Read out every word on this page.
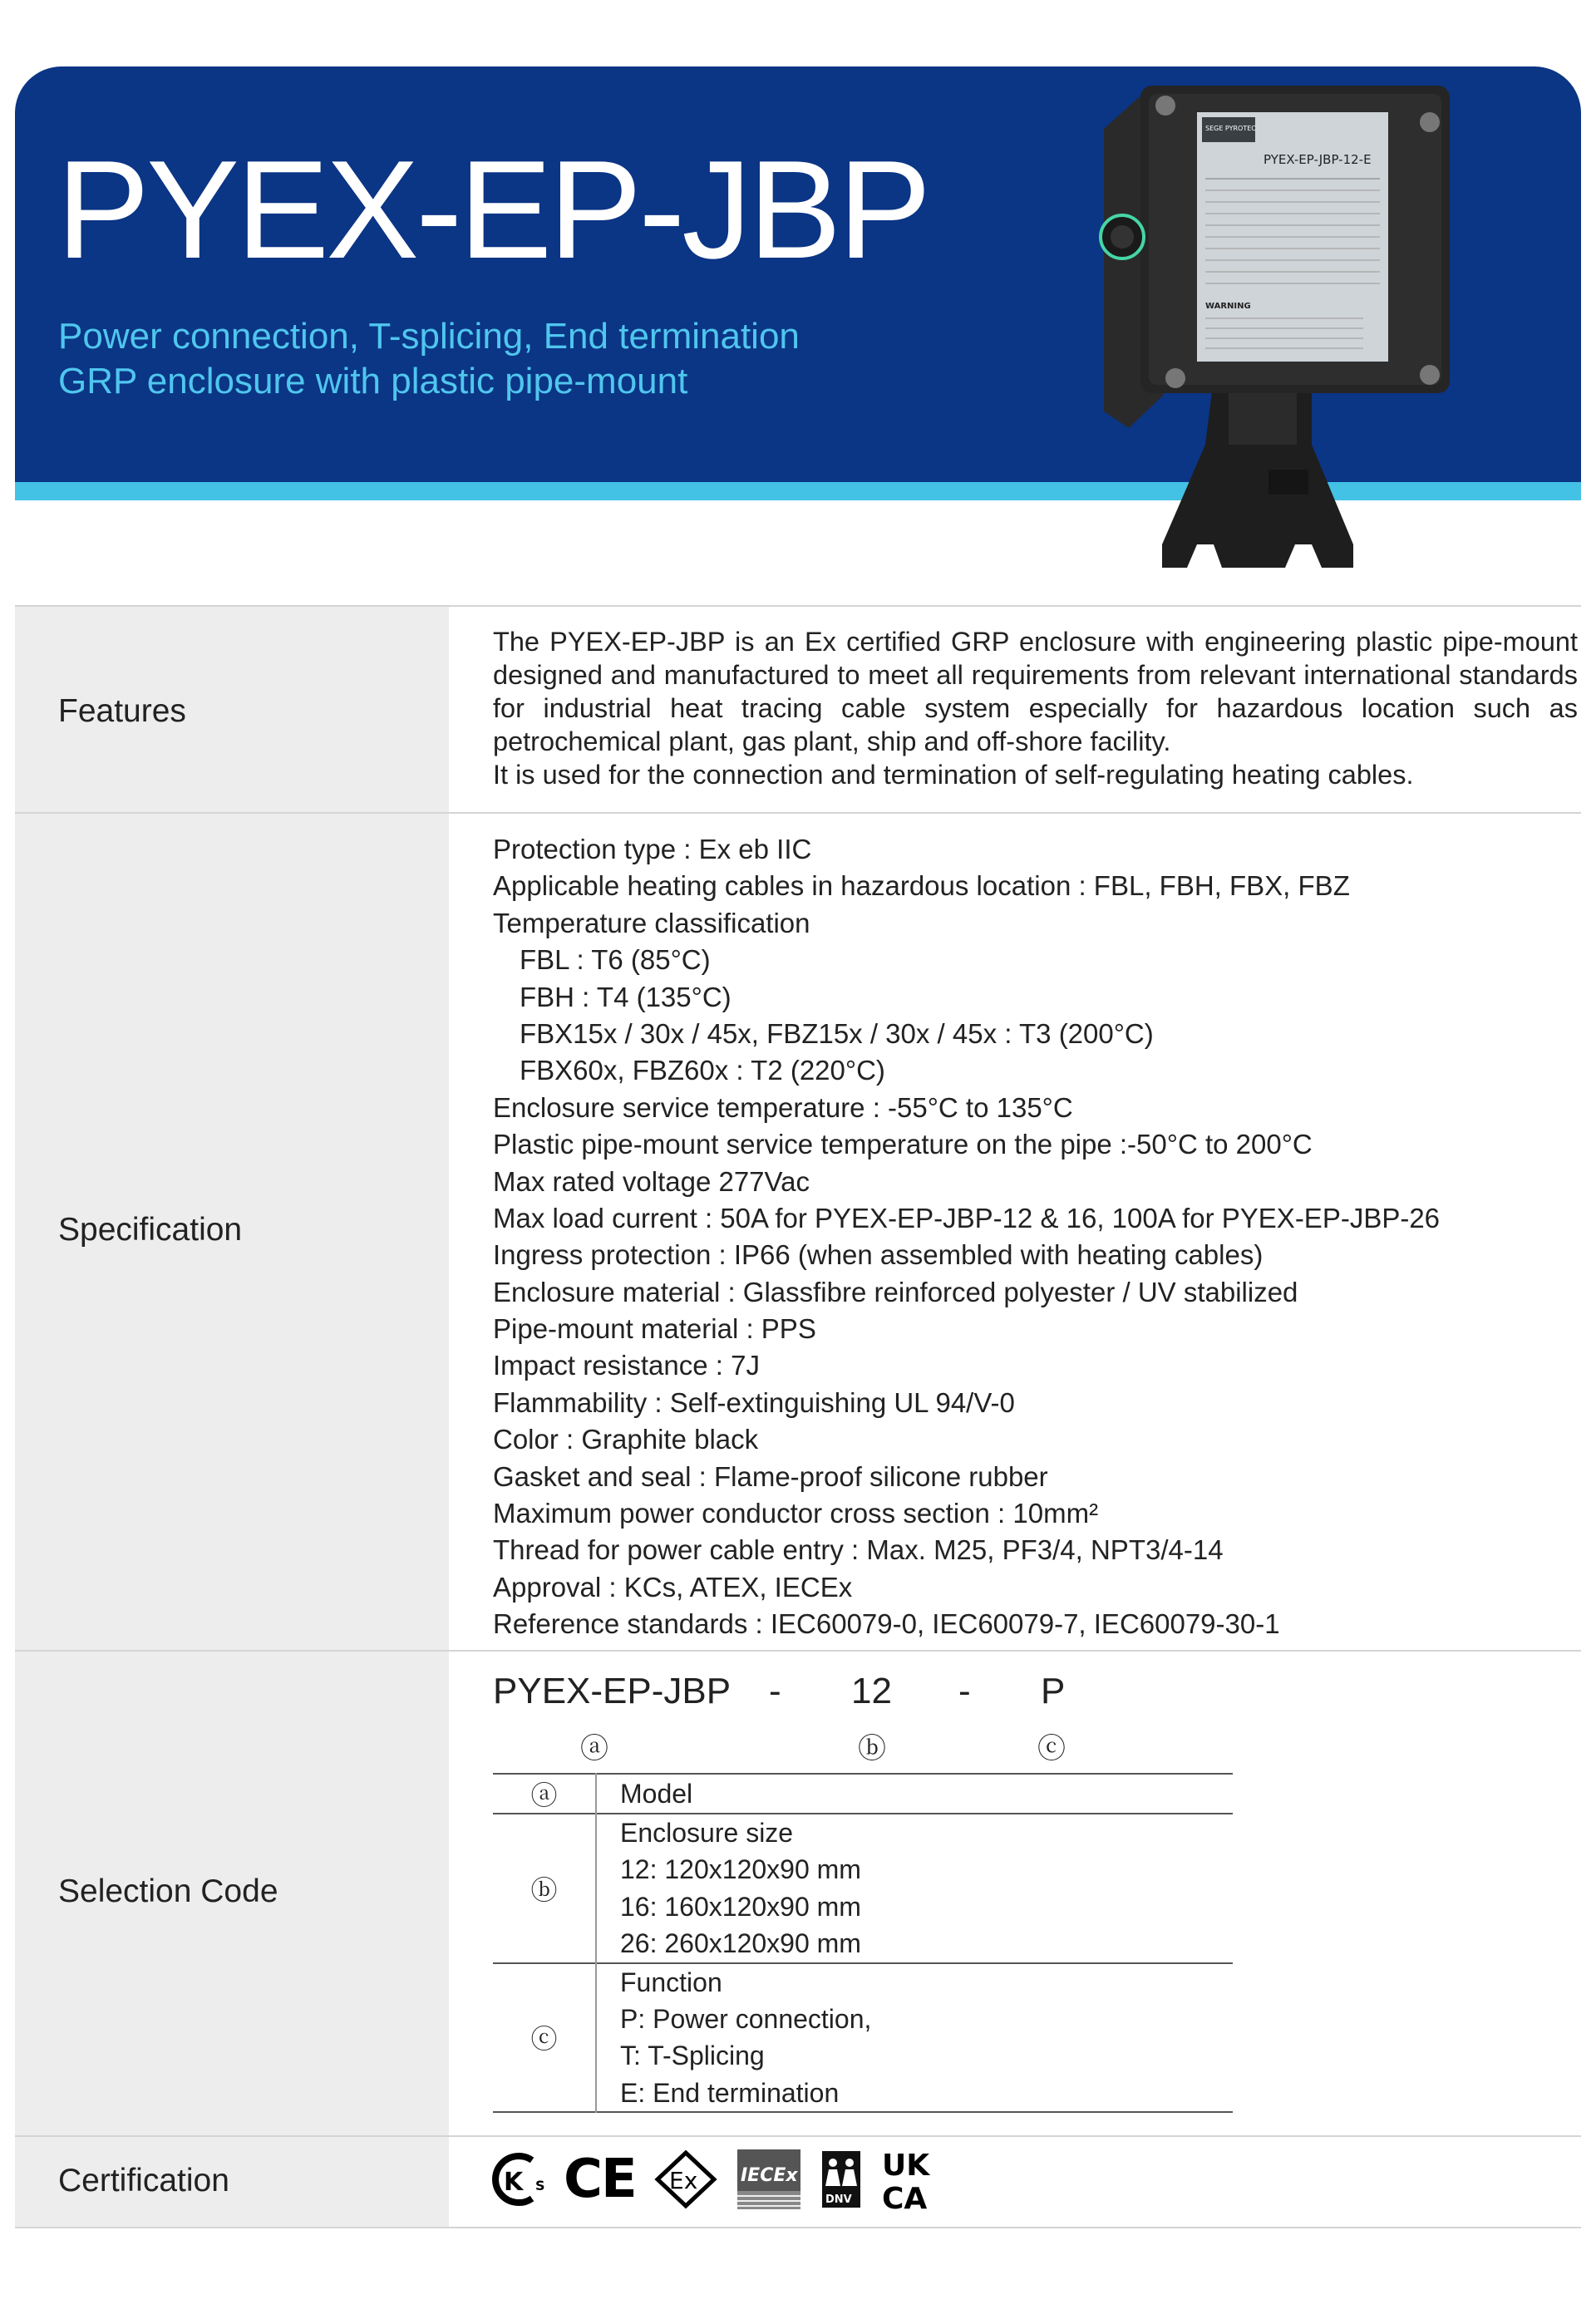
PYEX-EP-JBP
Power connection, T-splicing, End termination
GRP enclosure with plastic pipe-mount
SEGE PYROTEC
PYEX-EP-JBP-12-E
WARNING
Features

The PYEX-EP-JBP is an Ex certified GRP enclosure with engineering plastic pipe-mount designed and manufactured to meet all requirements from relevant international standards for industrial heat tracing cable system especially for hazardous location such as petrochemical plant, gas plant, ship and off-shore facility.

It is used for the connection and termination of self-regulating heating cables.

Specification
Protection type : Ex eb IIC
Applicable heating cables in hazardous location : FBL, FBH, FBX, FBZ
Temperature classification
FBL : T6 (85°C)
FBH : T4 (135°C)
FBX15x / 30x / 45x, FBZ15x / 30x / 45x : T3 (200°C)
FBX60x, FBZ60x : T2 (220°C)
Enclosure service temperature : -55°C to 135°C
Plastic pipe-mount service temperature on the pipe :-50°C to 200°C
Max rated voltage 277Vac
Max load current : 50A for PYEX-EP-JBP-12 & 16, 100A for PYEX-EP-JBP-26
Ingress protection : IP66 (when assembled with heating cables)
Enclosure material : Glassfibre reinforced polyester / UV stabilized
Pipe-mount material : PPS
Impact resistance : 7J
Flammability : Self-extinguishing UL 94/V-0
Color : Graphite black
Gasket and seal : Flame-proof silicone rubber
Maximum power conductor cross section : 10mm²
Thread for power cable entry : Max. M25, PF3/4, NPT3/4-14
Approval : KCs, ATEX, IECEx
Reference standards : IEC60079-0, IEC60079-7, IEC60079-30-1
Selection Code
PYEX-EP-JBP - 12 - P
ⓐ	ⓑ	ⓒ
ⓐ	Model

ⓑ	Enclosure size
12: 120x120x90 mm
16: 160x120x90 mm
26: 260x120x90 mm

ⓒ	Function
P: Power connection,
T: T-Splicing
E: End termination
Certification	K S CE Ex IECEx
DNV
UK
CA
